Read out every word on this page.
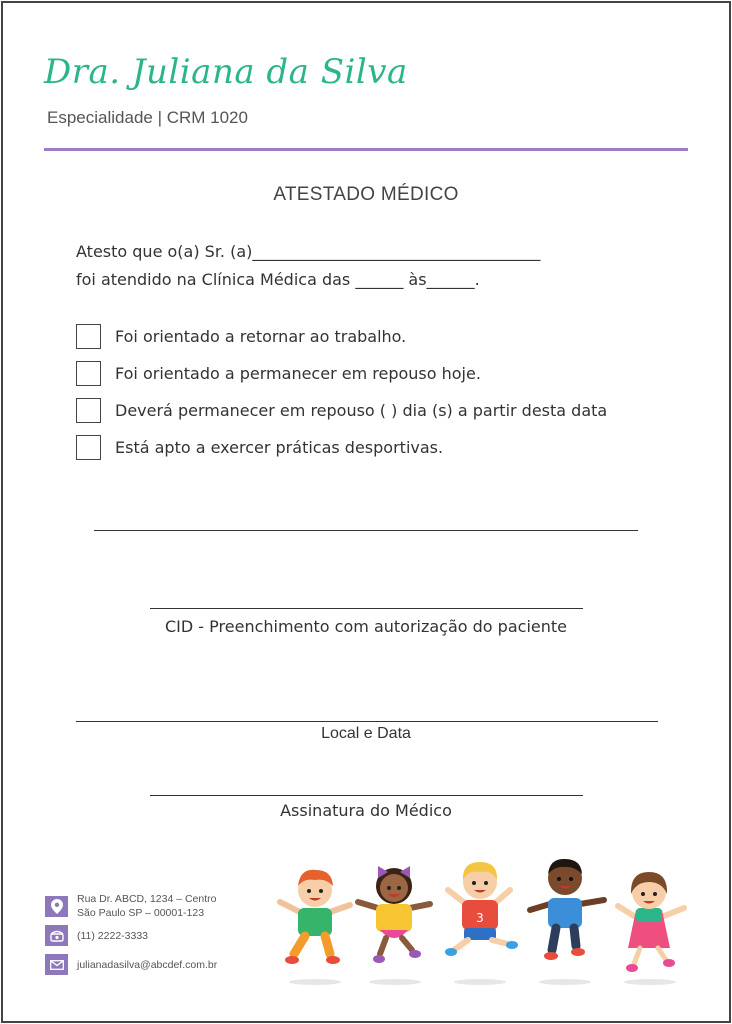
Dra. Juliana da Silva
Especialidade | CRM 1020
ATESTADO MÉDICO
Atesto que o(a) Sr. (a)____________________________________
foi atendido na Clínica Médica das ______ às______.
Foi orientado a retornar ao trabalho.
Foi orientado a permanecer em repouso hoje.
Deverá permanecer em repouso ( ) dia (s) a partir desta data
Está apto a exercer práticas desportivas.
CID - Preenchimento com autorização do paciente
Local e Data
Assinatura do Médico
Rua Dr. ABCD, 1234 – Centro
São Paulo SP – 00001-123
(11) 2222-3333
julianadasilva@abcdef.com.br
3
